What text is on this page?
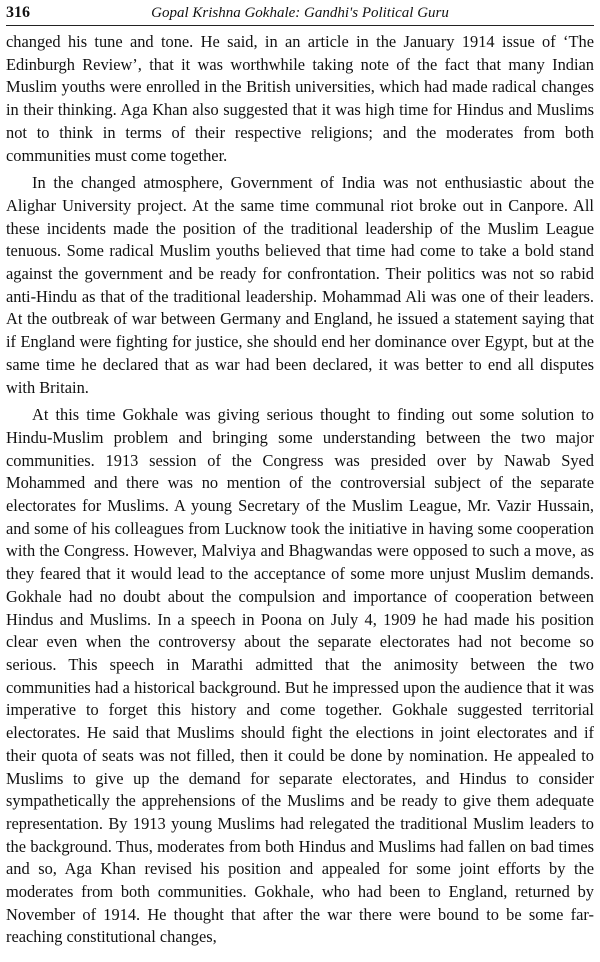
316	Gopal Krishna Gokhale: Gandhi's Political Guru

changed his tune and tone. He said, in an article in the January 1914 issue of ‘The Edinburgh Review’, that it was worthwhile taking note of the fact that many Indian Muslim youths were enrolled in the British universities, which had made radical changes in their thinking. Aga Khan also suggested that it was high time for Hindus and Muslims not to think in terms of their respective religions; and the moderates from both communities must come together.

In the changed atmosphere, Government of India was not enthusiastic about the Alighar University project. At the same time communal riot broke out in Canpore. All these incidents made the position of the traditional leadership of the Muslim League tenuous. Some radical Muslim youths believed that time had come to take a bold stand against the government and be ready for confrontation. Their politics was not so rabid anti-Hindu as that of the traditional leadership. Mohammad Ali was one of their leaders. At the outbreak of war between Germany and England, he issued a statement saying that if England were fighting for justice, she should end her dominance over Egypt, but at the same time he declared that as war had been declared, it was better to end all disputes with Britain.

At this time Gokhale was giving serious thought to finding out some solution to Hindu-Muslim problem and bringing some understanding between the two major communities. 1913 session of the Congress was presided over by Nawab Syed Mohammed and there was no mention of the controversial subject of the separate electorates for Muslims. A young Secretary of the Muslim League, Mr. Vazir Hussain, and some of his colleagues from Lucknow took the initiative in having some cooperation with the Congress. However, Malviya and Bhagwandas were opposed to such a move, as they feared that it would lead to the acceptance of some more unjust Muslim demands. Gokhale had no doubt about the compulsion and importance of cooperation between Hindus and Muslims. In a speech in Poona on July 4, 1909 he had made his position clear even when the controversy about the separate electorates had not become so serious. This speech in Marathi admitted that the animosity between the two communities had a historical background. But he impressed upon the audience that it was imperative to forget this history and come together. Gokhale suggested territorial electorates. He said that Muslims should fight the elections in joint electorates and if their quota of seats was not filled, then it could be done by nomination. He appealed to Muslims to give up the demand for separate electorates, and Hindus to consider sympathetically the apprehensions of the Muslims and be ready to give them adequate representation. By 1913 young Muslims had relegated the traditional Muslim leaders to the background. Thus, moderates from both Hindus and Muslims had fallen on bad times and so, Aga Khan revised his position and appealed for some joint efforts by the moderates from both communities. Gokhale, who had been to England, returned by November of 1914. He thought that after the war there were bound to be some far-reaching constitutional changes,
